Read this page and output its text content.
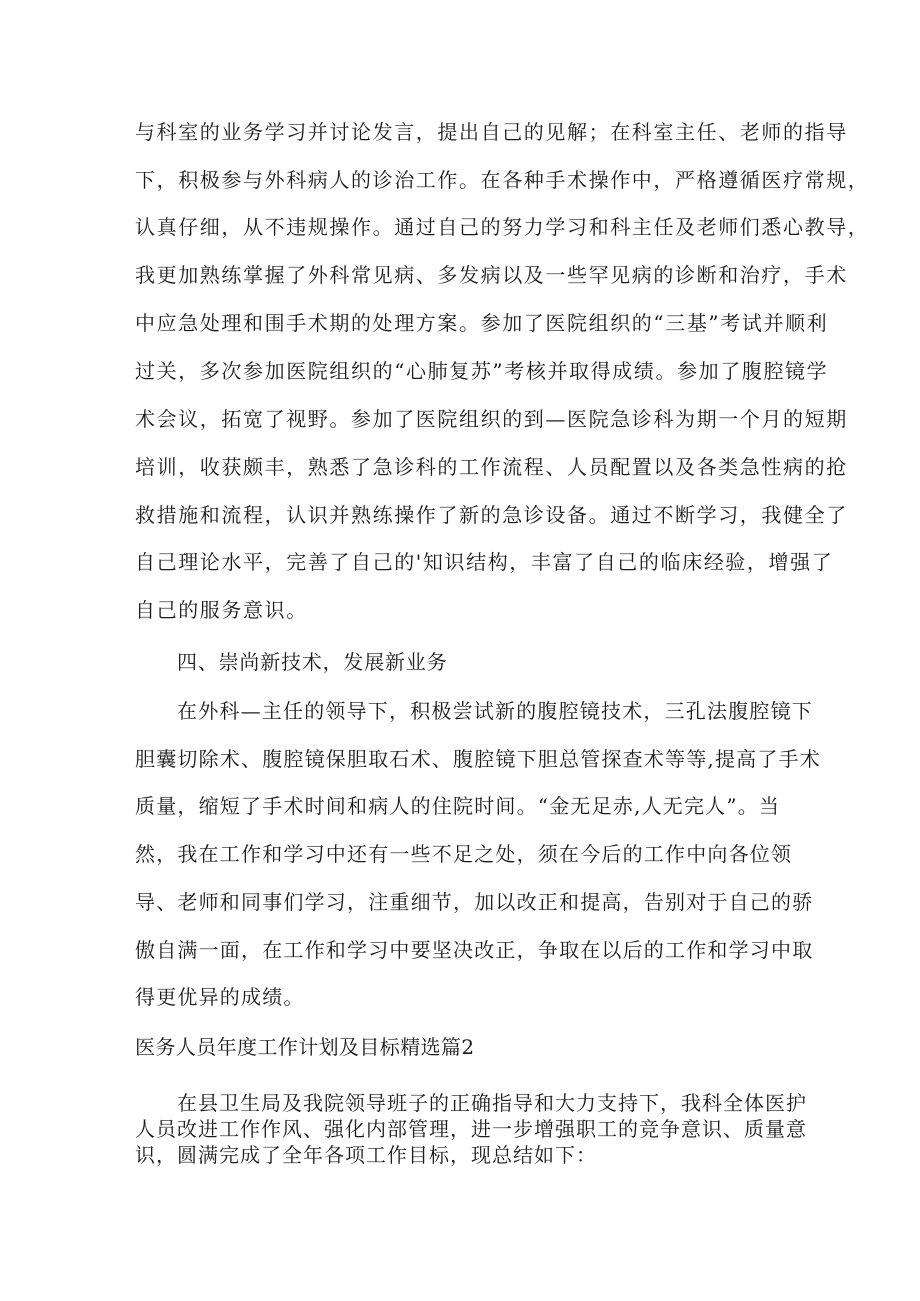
与科室的业务学习并讨论发言，提出自己的见解；在科室主任、老师的指导
下，积极参与外科病人的诊治工作。在各种手术操作中，严格遵循医疗常规，
认真仔细，从不违规操作。通过自己的努力学习和科主任及老师们悉心教导，
我更加熟练掌握了外科常见病、多发病以及一些罕见病的诊断和治疗，手术
中应急处理和围手术期的处理方案。参加了医院组织的“三基”考试并顺利
过关，多次参加医院组织的“心肺复苏”考核并取得成绩。参加了腹腔镜学
术会议，拓宽了视野。参加了医院组织的到—医院急诊科为期一个月的短期
培训，收获颇丰，熟悉了急诊科的工作流程、人员配置以及各类急性病的抢
救措施和流程，认识并熟练操作了新的急诊设备。通过不断学习，我健全了
自己理论水平，完善了自己的'知识结构，丰富了自己的临床经验，增强了
自己的服务意识。
四、崇尚新技术，发展新业务
在外科—主任的领导下，积极尝试新的腹腔镜技术，三孔法腹腔镜下
胆囊切除术、腹腔镜保胆取石术、腹腔镜下胆总管探查术等等,提高了手术
质量，缩短了手术时间和病人的住院时间。“金无足赤,人无完人”。当
然，我在工作和学习中还有一些不足之处，须在今后的工作中向各位领
导、老师和同事们学习，注重细节，加以改正和提高，告别对于自己的骄
傲自满一面，在工作和学习中要坚决改正，争取在以后的工作和学习中取
得更优异的成绩。
医务人员年度工作计划及目标精选篇2
在县卫生局及我院领导班子的正确指导和大力支持下，我科全体医护
人员改进工作作风、强化内部管理，进一步增强职工的竞争意识、质量意
识，圆满完成了全年各项工作目标，现总结如下：
